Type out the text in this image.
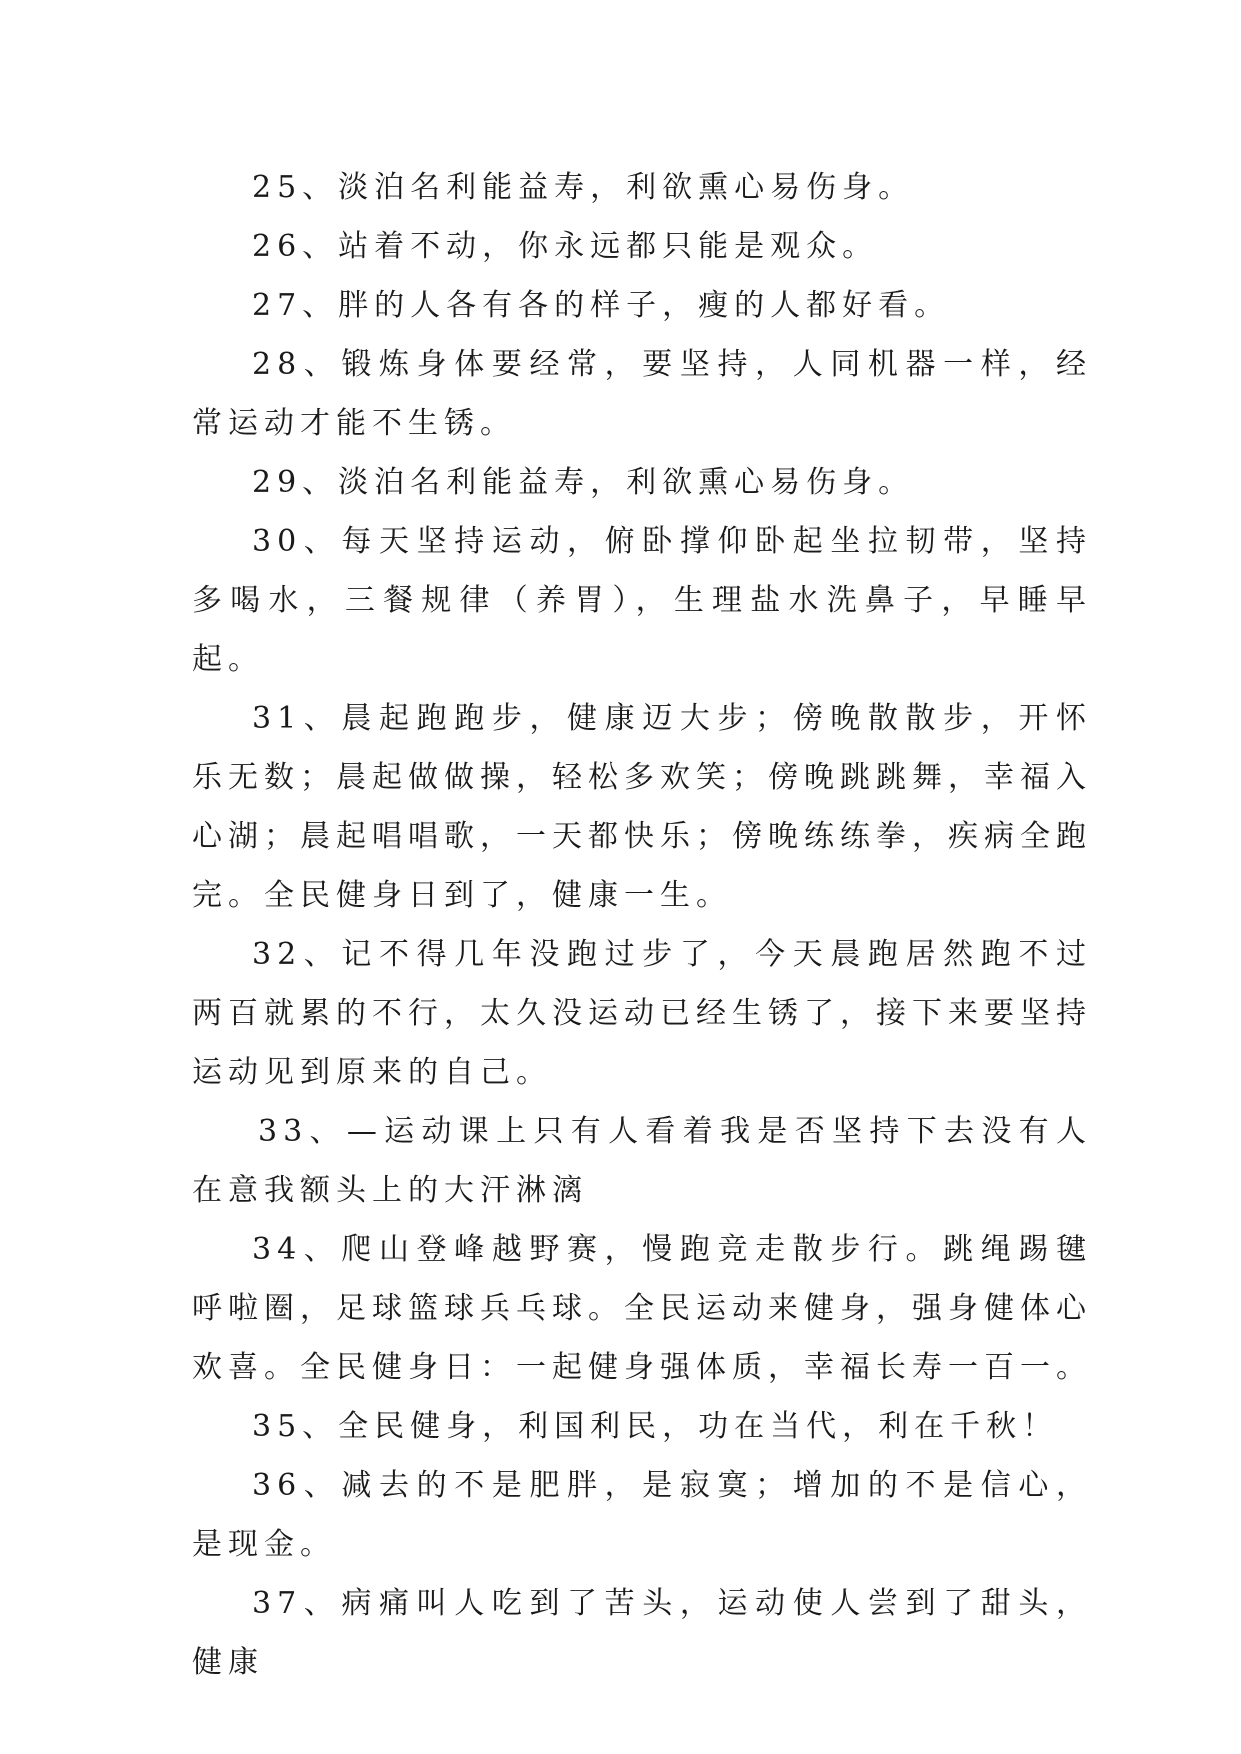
25、淡泊名利能益寿，利欲熏心易伤身。

26、站着不动，你永远都只能是观众。

27、胖的人各有各的样子，瘦的人都好看。

28、锻炼身体要经常，要坚持，人同机器一样，经常运动才能不生锈。

29、淡泊名利能益寿，利欲熏心易伤身。

30、每天坚持运动，俯卧撑仰卧起坐拉韧带，坚持多喝水，三餐规律（养胃），生理盐水洗鼻子，早睡早起。

31、晨起跑跑步，健康迈大步；傍晚散散步，开怀乐无数；晨起做做操，轻松多欢笑；傍晚跳跳舞，幸福入心湖；晨起唱唱歌，一天都快乐；傍晚练练拳，疾病全跑完。全民健身日到了，健康一生。

32、记不得几年没跑过步了，今天晨跑居然跑不过两百就累的不行，太久没运动已经生锈了，接下来要坚持运动见到原来的自己。

33、—运动课上只有人看着我是否坚持下去没有人在意我额头上的大汗淋漓

34、爬山登峰越野赛，慢跑竞走散步行。跳绳踢毽呼啦圈，足球篮球兵乓球。全民运动来健身，强身健体心欢喜。全民健身日：一起健身强体质，幸福长寿一百一。

35、全民健身，利国利民，功在当代，利在千秋！

36、减去的不是肥胖，是寂寞；增加的不是信心，是现金。

37、病痛叫人吃到了苦头，运动使人尝到了甜头，健康
